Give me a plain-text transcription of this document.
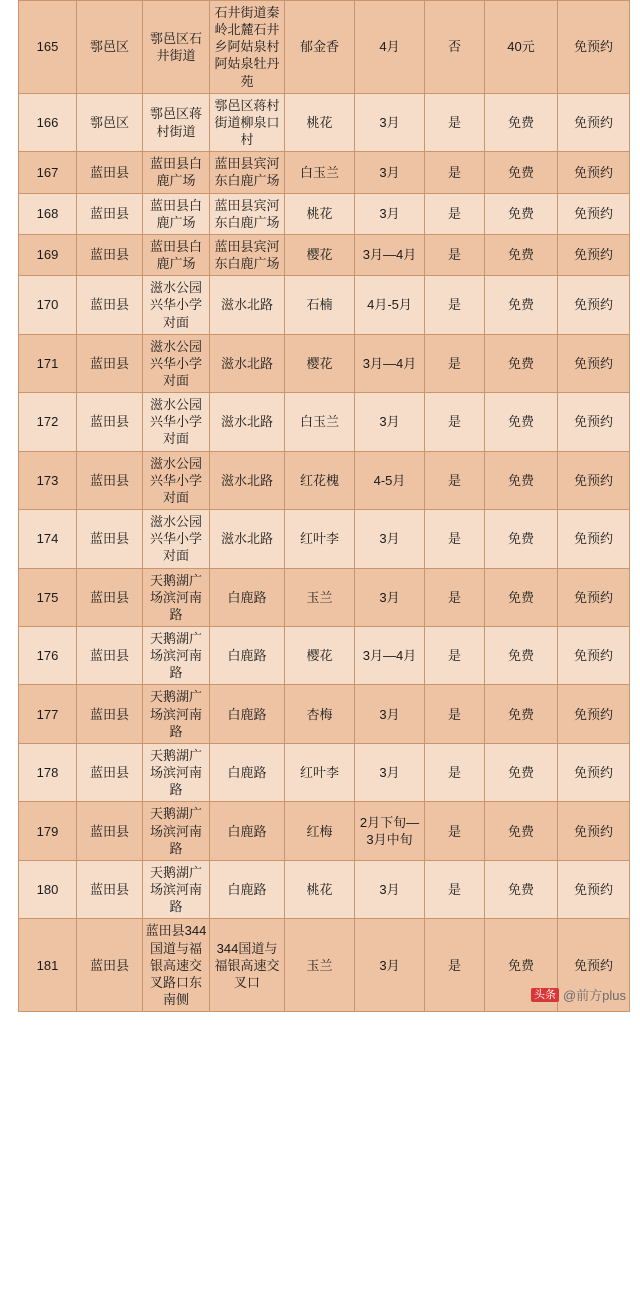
165	鄠邑区	鄠邑区石井街道	石井街道秦岭北麓石井乡阿姑泉村阿姑泉牡丹苑	郁金香	4月	否	40元	免预约
166	鄠邑区	鄠邑区蒋村街道	鄠邑区蒋村街道柳泉口村	桃花	3月	是	免费	免预约
167	蓝田县	蓝田县白鹿广场	蓝田县宾河东白鹿广场	白玉兰	3月	是	免费	免预约
168	蓝田县	蓝田县白鹿广场	蓝田县宾河东白鹿广场	桃花	3月	是	免费	免预约
169	蓝田县	蓝田县白鹿广场	蓝田县宾河东白鹿广场	樱花	3月—4月	是	免费	免预约
170	蓝田县	滋水公园兴华小学对面	滋水北路	石楠	4月-5月	是	免费	免预约
171	蓝田县	滋水公园兴华小学对面	滋水北路	樱花	3月—4月	是	免费	免预约
172	蓝田县	滋水公园兴华小学对面	滋水北路	白玉兰	3月	是	免费	免预约
173	蓝田县	滋水公园兴华小学对面	滋水北路	红花槐	4-5月	是	免费	免预约
174	蓝田县	滋水公园兴华小学对面	滋水北路	红叶李	3月	是	免费	免预约
175	蓝田县	天鹅湖广场滨河南路	白鹿路	玉兰	3月	是	免费	免预约
176	蓝田县	天鹅湖广场滨河南路	白鹿路	樱花	3月—4月	是	免费	免预约
177	蓝田县	天鹅湖广场滨河南路	白鹿路	杏梅	3月	是	免费	免预约
178	蓝田县	天鹅湖广场滨河南路	白鹿路	红叶李	3月	是	免费	免预约
179	蓝田县	天鹅湖广场滨河南路	白鹿路	红梅	2月下旬—3月中旬	是	免费	免预约
180	蓝田县	天鹅湖广场滨河南路	白鹿路	桃花	3月	是	免费	免预约
181	蓝田县	蓝田县344国道与福银高速交叉路口东南侧	344国道与福银高速交叉口	玉兰	3月	是	免费	免预约
头条 @前方plus
